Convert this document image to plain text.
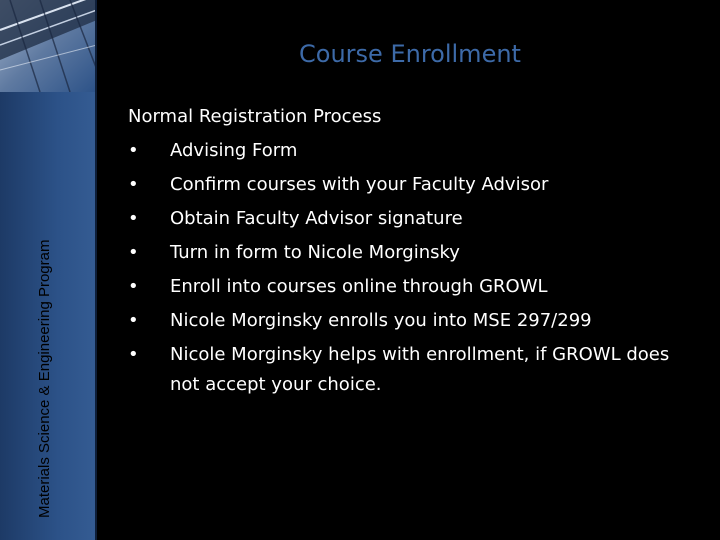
Materials Science & Engineering Program
Course Enrollment
Normal Registration Process
• Advising Form
• Confirm courses with your Faculty Advisor
• Obtain Faculty Advisor signature
• Turn in form to Nicole Morginsky
• Enroll into courses online through GROWL
• Nicole Morginsky enrolls you into MSE 297/299
• Nicole Morginsky helps with enrollment, if GROWL does not accept your choice.
